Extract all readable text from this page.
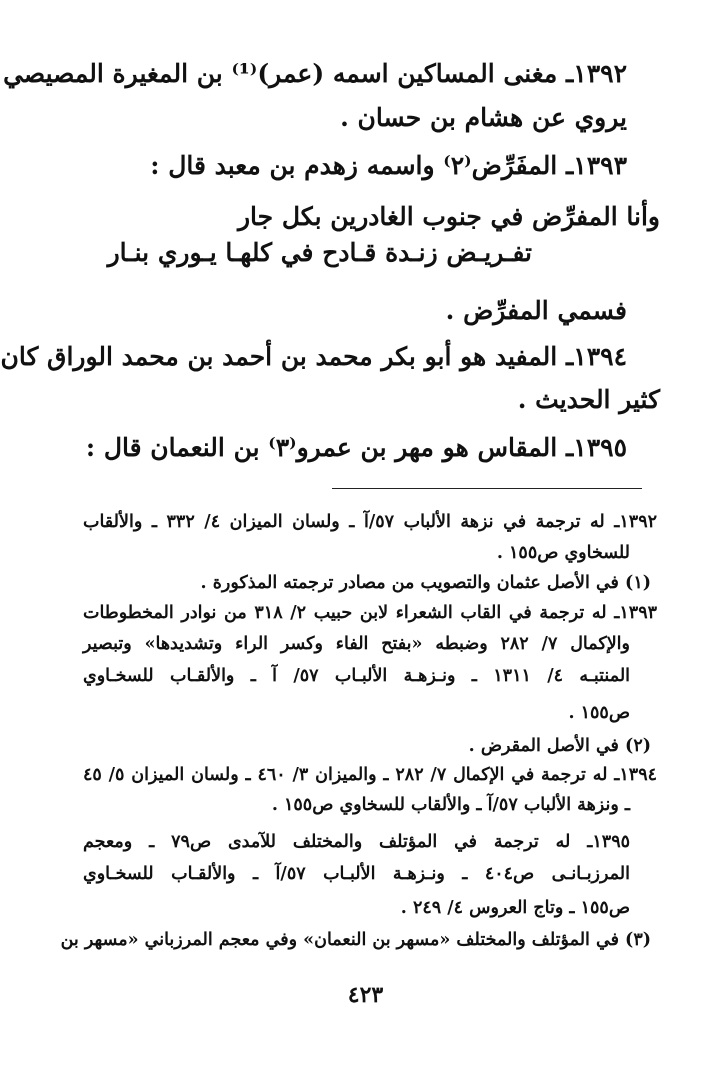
١٣٩٢ـ مغنى المساكين اسمه (عمر)⁽¹⁾ بن المغيرة المصيصي
يروي عن هشام بن حسان .
١٣٩٣ـ المفَرِّض⁽٢⁾ واسمه زهدم بن معبد قال :
وأنا المفرِّض في جنوب الغادرين بكل جار
تفـريـض زنـدة قـادح في كلهـا يـوري بنـار
فسمي المفرِّض .
١٣٩٤ـ المفيد هو أبو بكر محمد بن أحمد بن محمد الوراق كان
كثير الحديث .
١٣٩٥ـ المقاس هو مهر بن عمرو⁽٣⁾ بن النعمان قال :
١٣٩٢ـ له ترجمة في نزهة الألباب ٥٧/آ ـ ولسان الميزان ٤/ ٣٣٢ ـ والألقاب
للسخاوي ص١٥٥ .
(١) في الأصل عثمان والتصويب من مصادر ترجمته المذكورة .
١٣٩٣ـ له ترجمة في القاب الشعراء لابن حبيب ٢/ ٣١٨ من نوادر المخطوطات
والإكمال ٧/ ٢٨٢ وضبطه «بفتح الفاء وكسر الراء وتشديدها» وتبصير
المنتبـه ٤/ ١٣١١ ـ ونـزهـة الألبـاب ٥٧/ آ ـ والألقـاب للسخـاوي
ص١٥٥ .
(٢) في الأصل المقرض .
١٣٩٤ـ له ترجمة في الإكمال ٧/ ٢٨٢ ـ والميزان ٣/ ٤٦٠ ـ ولسان الميزان ٥/ ٤٥
ـ ونزهة الألباب ٥٧/آ ـ والألقاب للسخاوي ص١٥٥ .
١٣٩٥ـ له ترجمة في المؤتلف والمختلف للآمدى ص٧٩ ـ ومعجم
المرزبـانـى ص٤٠٤ ـ ونـزهـة الألبـاب ٥٧/آ ـ والألقـاب للسخـاوي
ص١٥٥ ـ وتاج العروس ٤/ ٢٤٩ .
(٣) في المؤتلف والمختلف «مسهر بن النعمان» وفي معجم المرزباني «مسهر بن
٤٢٣
